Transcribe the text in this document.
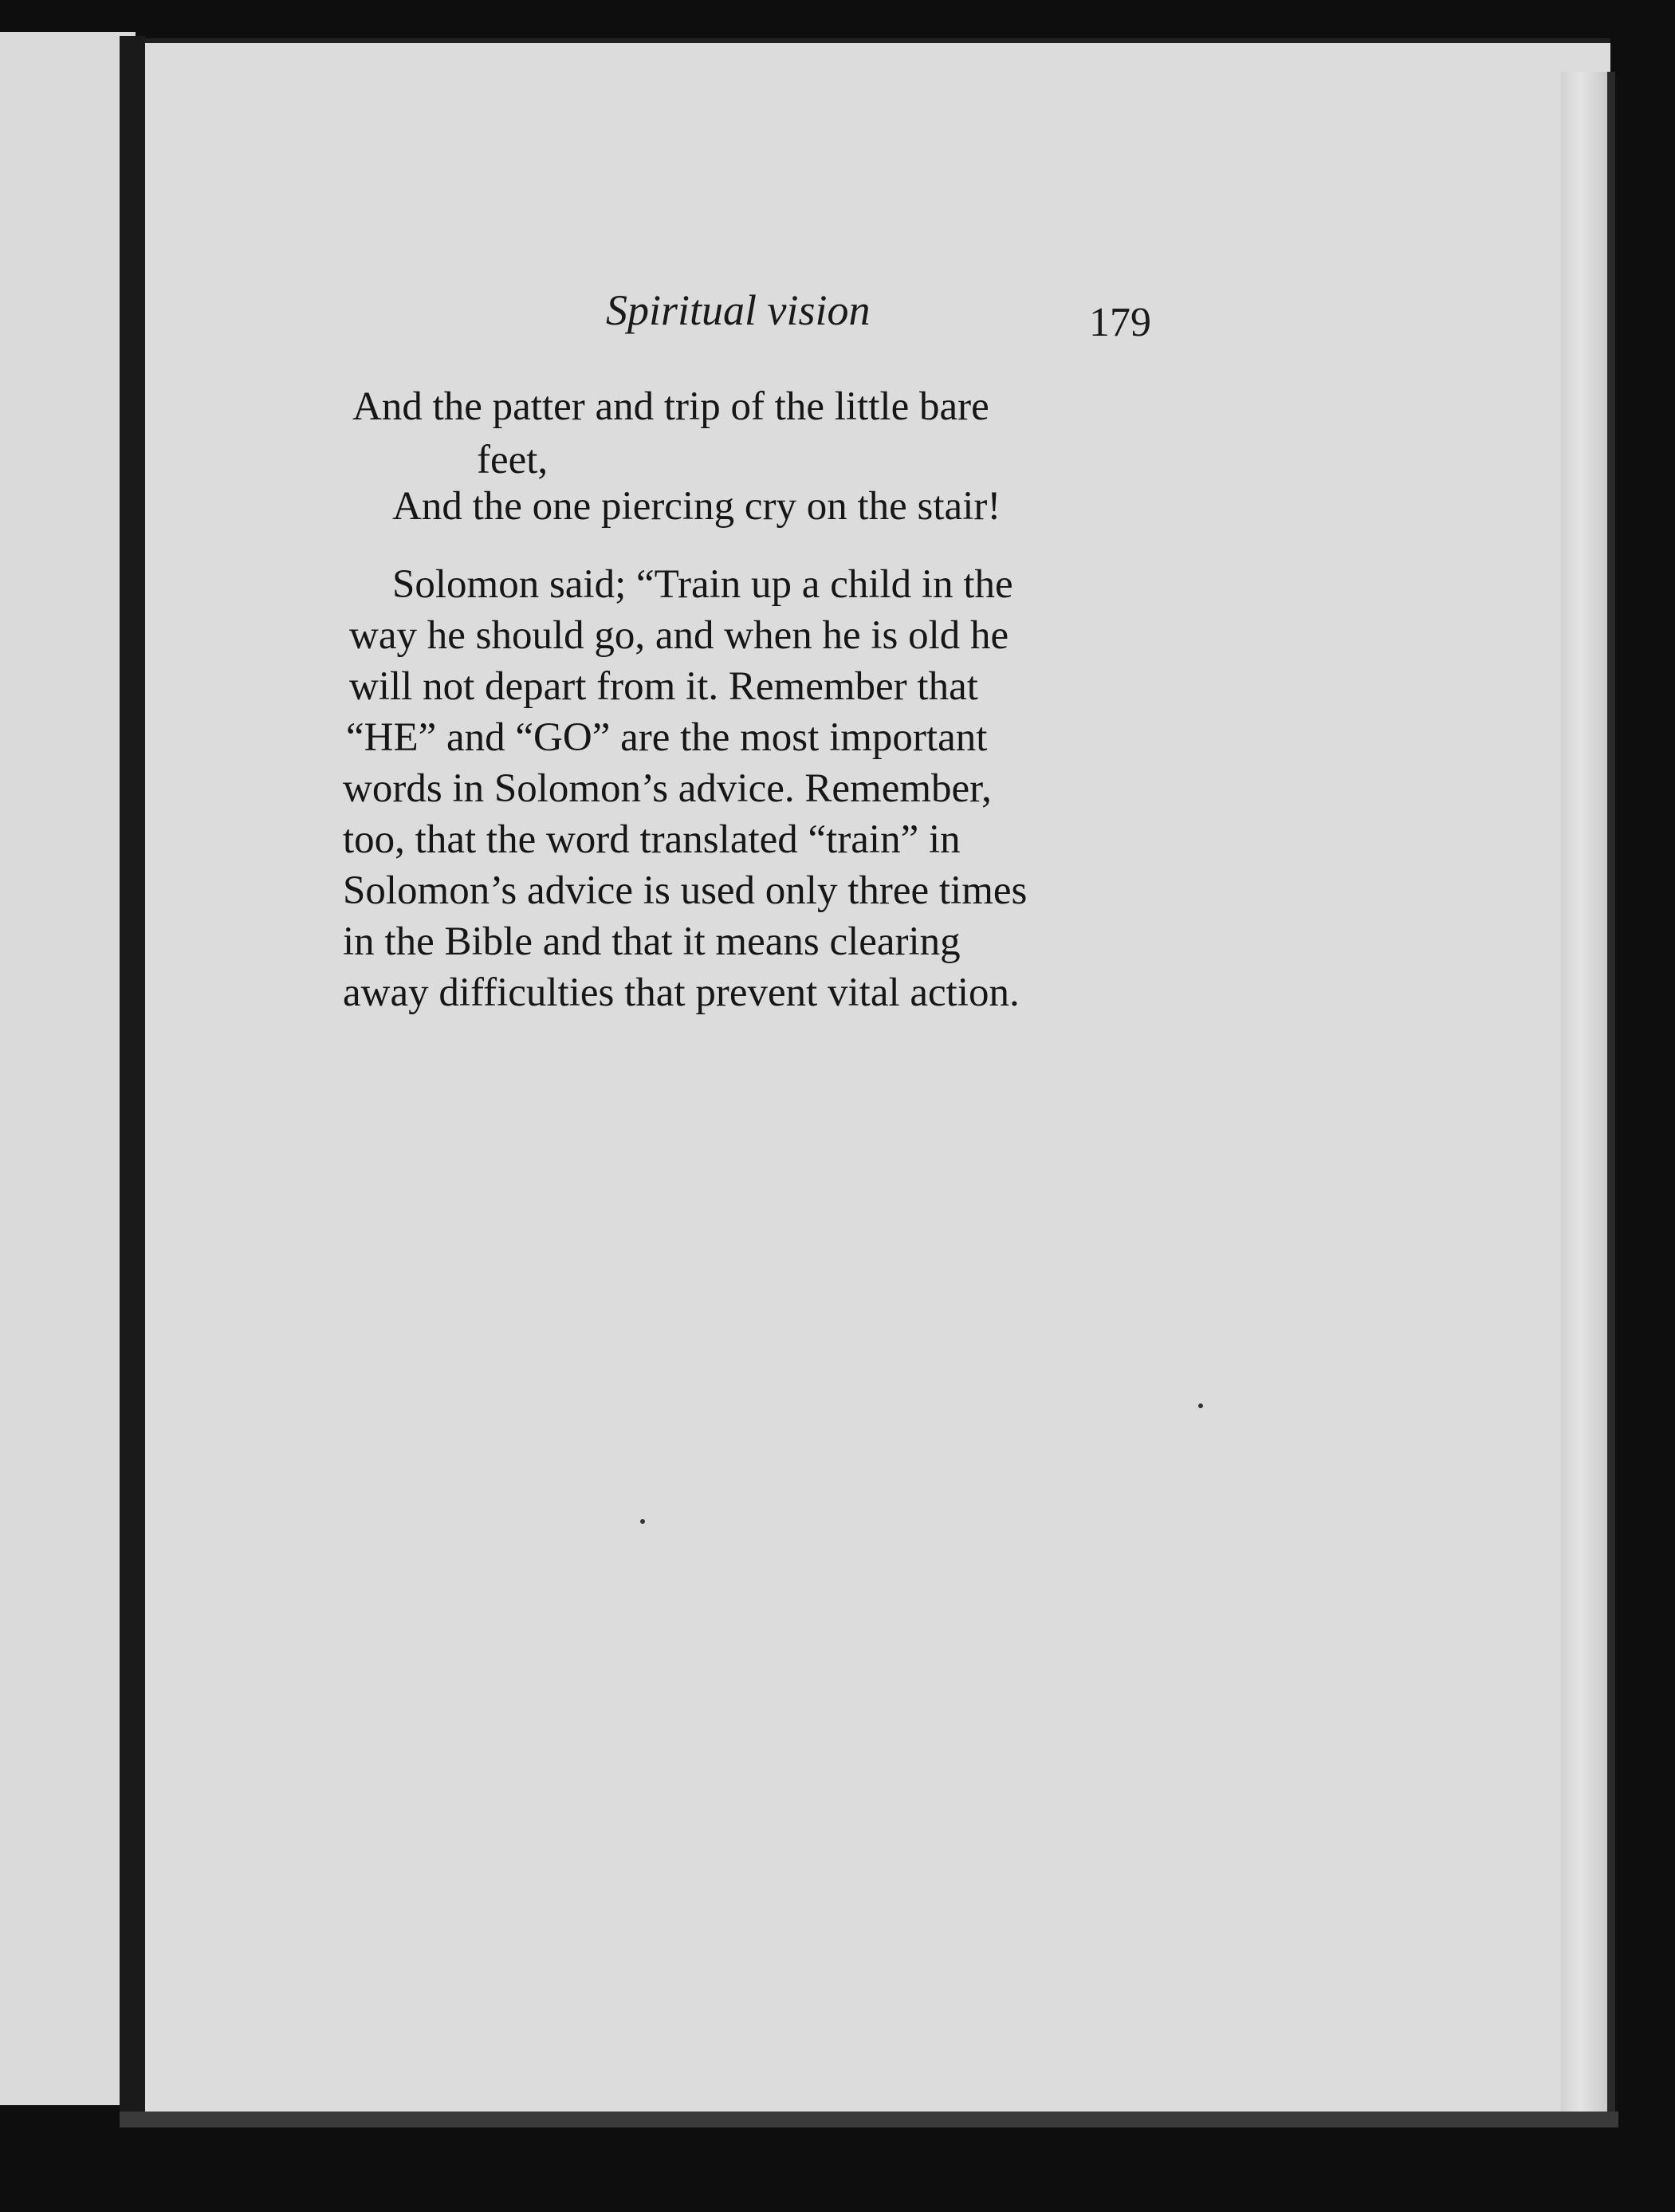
Spiritual vision	179
And the patter and trip of the little bare
feet,
And the one piercing cry on the stair!
Solomon said; “Train up a child in the
way he should go, and when he is old he
will not depart from it. Remember that
“HE” and “GO” are the most important
words in Solomon’s advice. Remember,
too, that the word translated “train” in
Solomon’s advice is used only three times
in the Bible and that it means clearing
away difficulties that prevent vital action.
